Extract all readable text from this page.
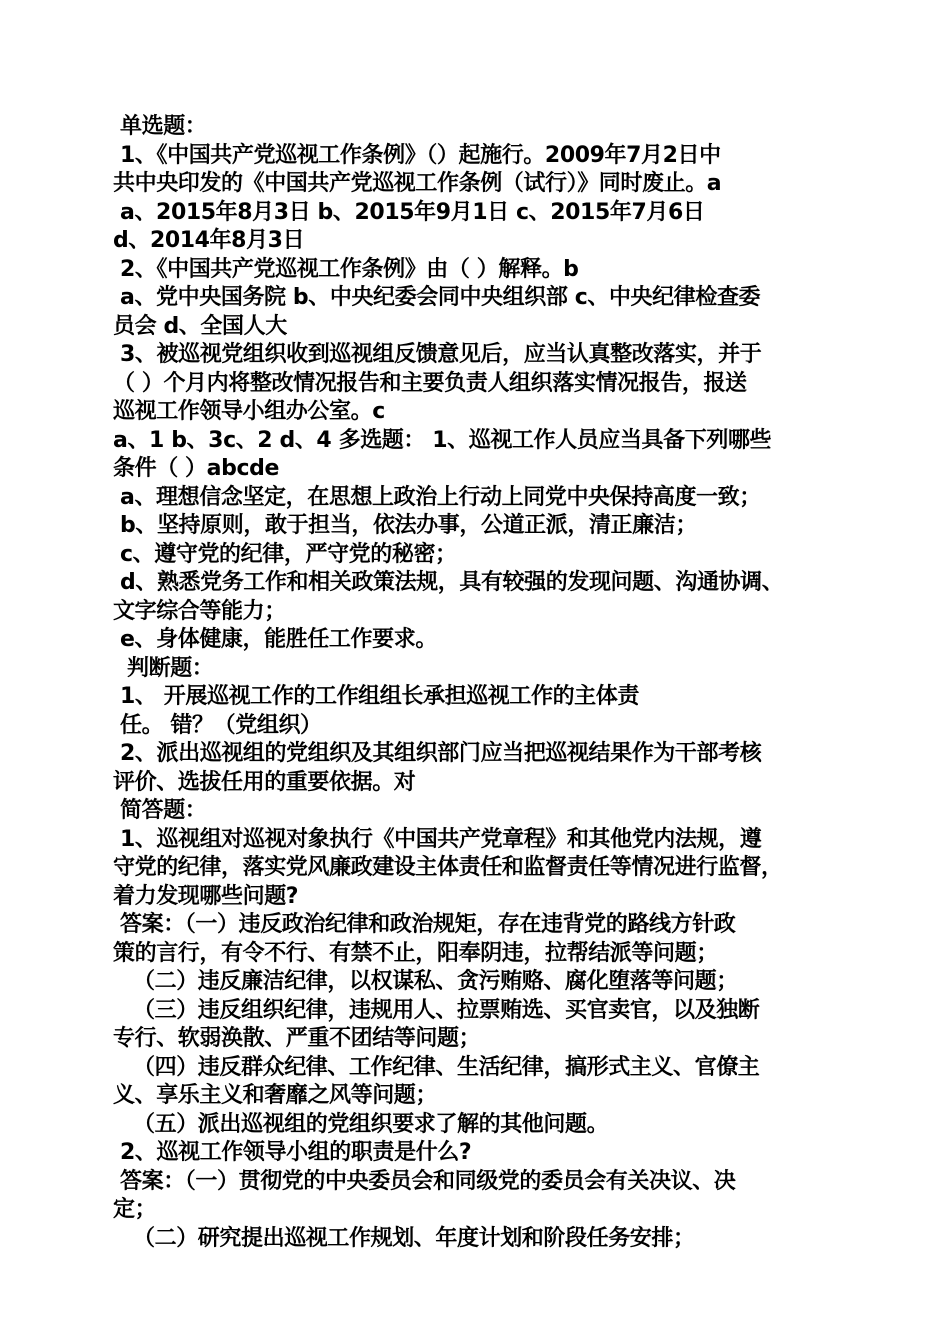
单选题：
1、《中国共产党巡视工作条例》（）起施行。2009年7月2日中
共中央印发的《中国共产党巡视工作条例（试行）》同时废止。a
a、2015年8月3日 b、2015年9月1日 c、2015年7月6日
d、2014年8月3日
2、《中国共产党巡视工作条例》由（ ）解释。b
a、党中央国务院 b、中央纪委会同中央组织部 c、中央纪律检查委
员会 d、全国人大
3、被巡视党组织收到巡视组反馈意见后，应当认真整改落实，并于
（ ）个月内将整改情况报告和主要负责人组织落实情况报告，报送
巡视工作领导小组办公室。c
a、1 b、3c、2 d、4 多选题： 1、巡视工作人员应当具备下列哪些
条件（ ）abcde
a、理想信念坚定，在思想上政治上行动上同党中央保持高度一致；
b、坚持原则，敢于担当，依法办事，公道正派，清正廉洁；
c、遵守党的纪律，严守党的秘密；
d、熟悉党务工作和相关政策法规，具有较强的发现问题、沟通协调、
文字综合等能力；
e、身体健康，能胜任工作要求。
判断题：
1、 开展巡视工作的工作组组长承担巡视工作的主体责
任。 错？（党组织）
2、派出巡视组的党组织及其组织部门应当把巡视结果作为干部考核
评价、选拔任用的重要依据。对
简答题：
1、巡视组对巡视对象执行《中国共产党章程》和其他党内法规，遵
守党的纪律，落实党风廉政建设主体责任和监督责任等情况进行监督，
着力发现哪些问题?
答案：（一）违反政治纪律和政治规矩，存在违背党的路线方针政
策的言行，有令不行、有禁不止，阳奉阴违，拉帮结派等问题；
（二）违反廉洁纪律，以权谋私、贪污贿赂、腐化堕落等问题；
（三）违反组织纪律，违规用人、拉票贿选、买官卖官，以及独断
专行、软弱涣散、严重不团结等问题；
（四）违反群众纪律、工作纪律、生活纪律，搞形式主义、官僚主
义、享乐主义和奢靡之风等问题；
（五）派出巡视组的党组织要求了解的其他问题。
2、巡视工作领导小组的职责是什么?
答案：（一）贯彻党的中央委员会和同级党的委员会有关决议、决
定；
（二）研究提出巡视工作规划、年度计划和阶段任务安排；
